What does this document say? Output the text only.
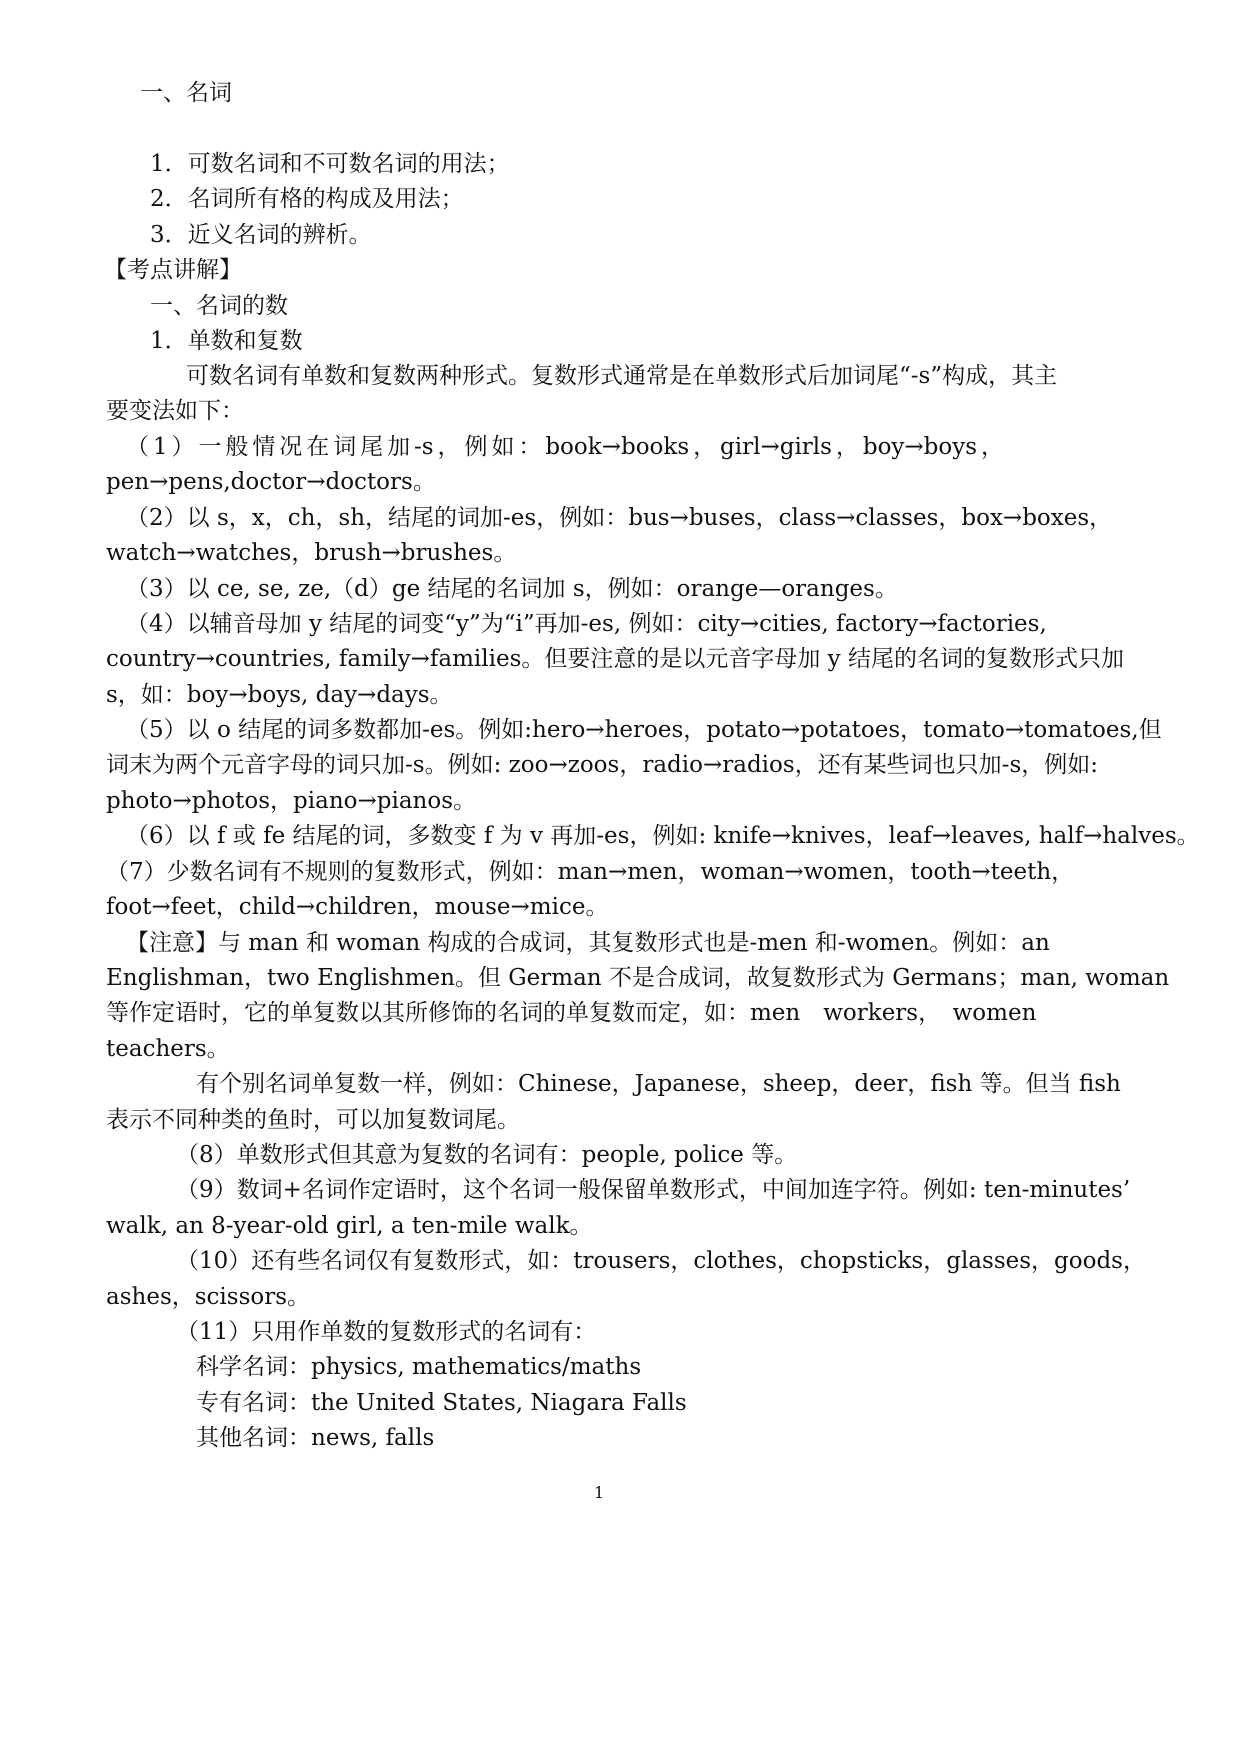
一、名词
1．可数名词和不可数名词的用法；
2．名词所有格的构成及用法；
3．近义名词的辨析。
【考点讲解】
一、名词的数
1．单数和复数
可数名词有单数和复数两种形式。复数形式通常是在单数形式后加词尾“-s”构成，其主
要变法如下：
（1）一般情况在词尾加-s，例如：book→books，girl→girls，boy→boys，
pen→pens,doctor→doctors。
（2）以 s，x，ch，sh，结尾的词加-es，例如：bus→buses，class→classes，box→boxes，
watch→watches，brush→brushes。
（3）以 ce, se, ze,（d）ge 结尾的名词加 s，例如：orange—oranges。
（4）以辅音母加 y 结尾的词变“y”为“i”再加-es, 例如：city→cities, factory→factories,
country→countries, family→families。但要注意的是以元音字母加 y 结尾的名词的复数形式只加
s，如：boy→boys, day→days。
（5）以 o 结尾的词多数都加-es。例如:hero→heroes，potato→potatoes，tomato→tomatoes,但
词末为两个元音字母的词只加-s。例如: zoo→zoos，radio→radios，还有某些词也只加-s，例如:
photo→photos，piano→pianos。
（6）以 f 或 fe 结尾的词，多数变 f 为 v 再加-es，例如: knife→knives，leaf→leaves, half→halves。
（7）少数名词有不规则的复数形式，例如：man→men，woman→women，tooth→teeth，
foot→feet，child→children，mouse→mice。
【注意】与 man 和 woman 构成的合成词，其复数形式也是-men 和-women。例如：an
Englishman，two Englishmen。但 German 不是合成词，故复数形式为 Germans；man, woman
等作定语时，它的单复数以其所修饰的名词的单复数而定，如：men　workers，　women
teachers。
有个别名词单复数一样，例如：Chinese，Japanese，sheep，deer，fish 等。但当 fish
表示不同种类的鱼时，可以加复数词尾。
（8）单数形式但其意为复数的名词有：people, police 等。
（9）数词+名词作定语时，这个名词一般保留单数形式，中间加连字符。例如: ten-minutes’
walk, an 8-year-old girl, a ten-mile walk。
（10）还有些名词仅有复数形式，如：trousers，clothes，chopsticks，glasses，goods，
ashes，scissors。
（11）只用作单数的复数形式的名词有：
科学名词：physics, mathematics/maths
专有名词：the United States, Niagara Falls
其他名词：news, falls
1
